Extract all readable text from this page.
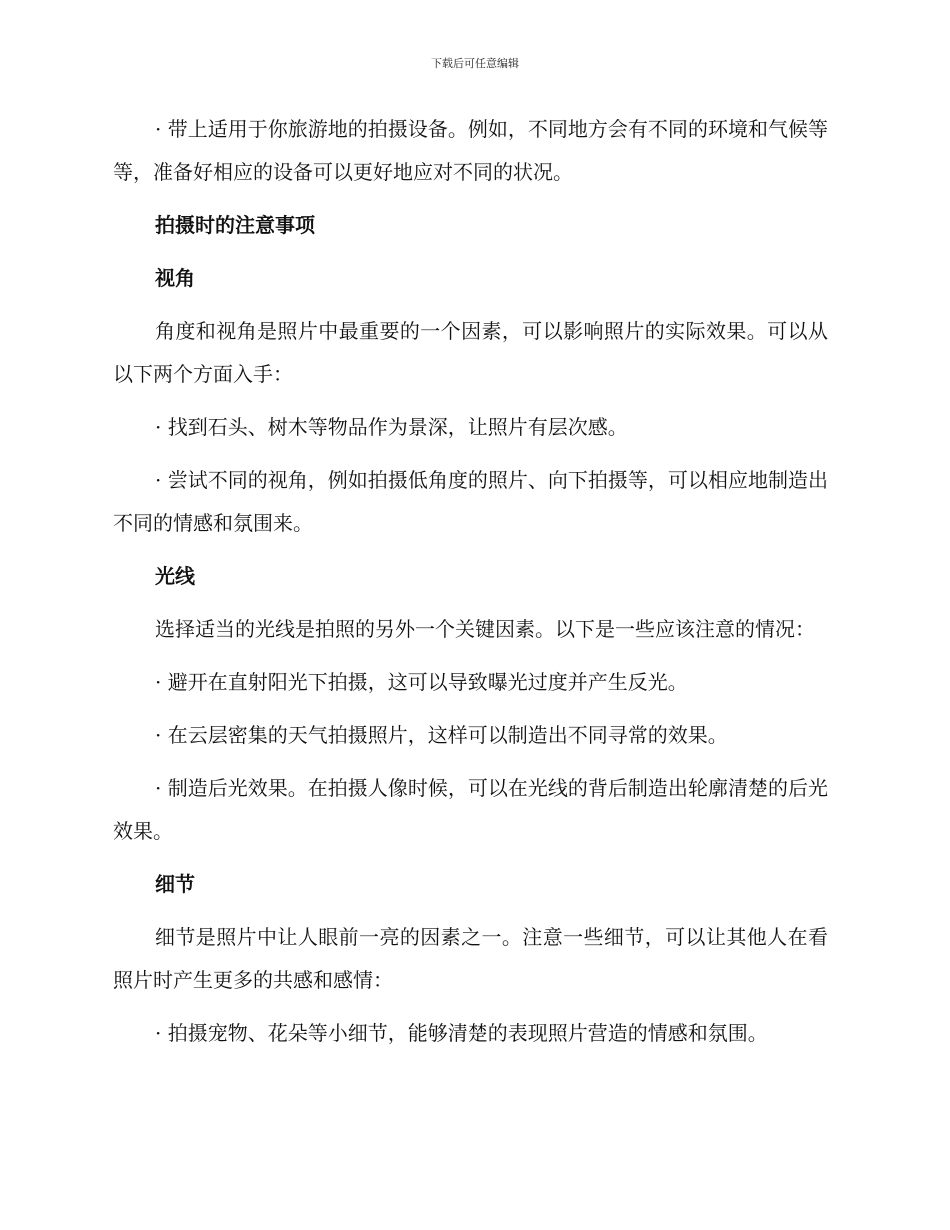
下载后可任意编辑

· 带上适用于你旅游地的拍摄设备。例如，不同地方会有不同的环境和气候等等，准备好相应的设备可以更好地应对不同的状况。

拍摄时的注意事项

视角

角度和视角是照片中最重要的一个因素，可以影响照片的实际效果。可以从以下两个方面入手：

· 找到石头、树木等物品作为景深，让照片有层次感。

· 尝试不同的视角，例如拍摄低角度的照片、向下拍摄等，可以相应地制造出不同的情感和氛围来。

光线

选择适当的光线是拍照的另外一个关键因素。以下是一些应该注意的情况：

· 避开在直射阳光下拍摄，这可以导致曝光过度并产生反光。

· 在云层密集的天气拍摄照片，这样可以制造出不同寻常的效果。

· 制造后光效果。在拍摄人像时候，可以在光线的背后制造出轮廓清楚的后光效果。

细节

细节是照片中让人眼前一亮的因素之一。注意一些细节，可以让其他人在看照片时产生更多的共感和感情：

· 拍摄宠物、花朵等小细节，能够清楚的表现照片营造的情感和氛围。
